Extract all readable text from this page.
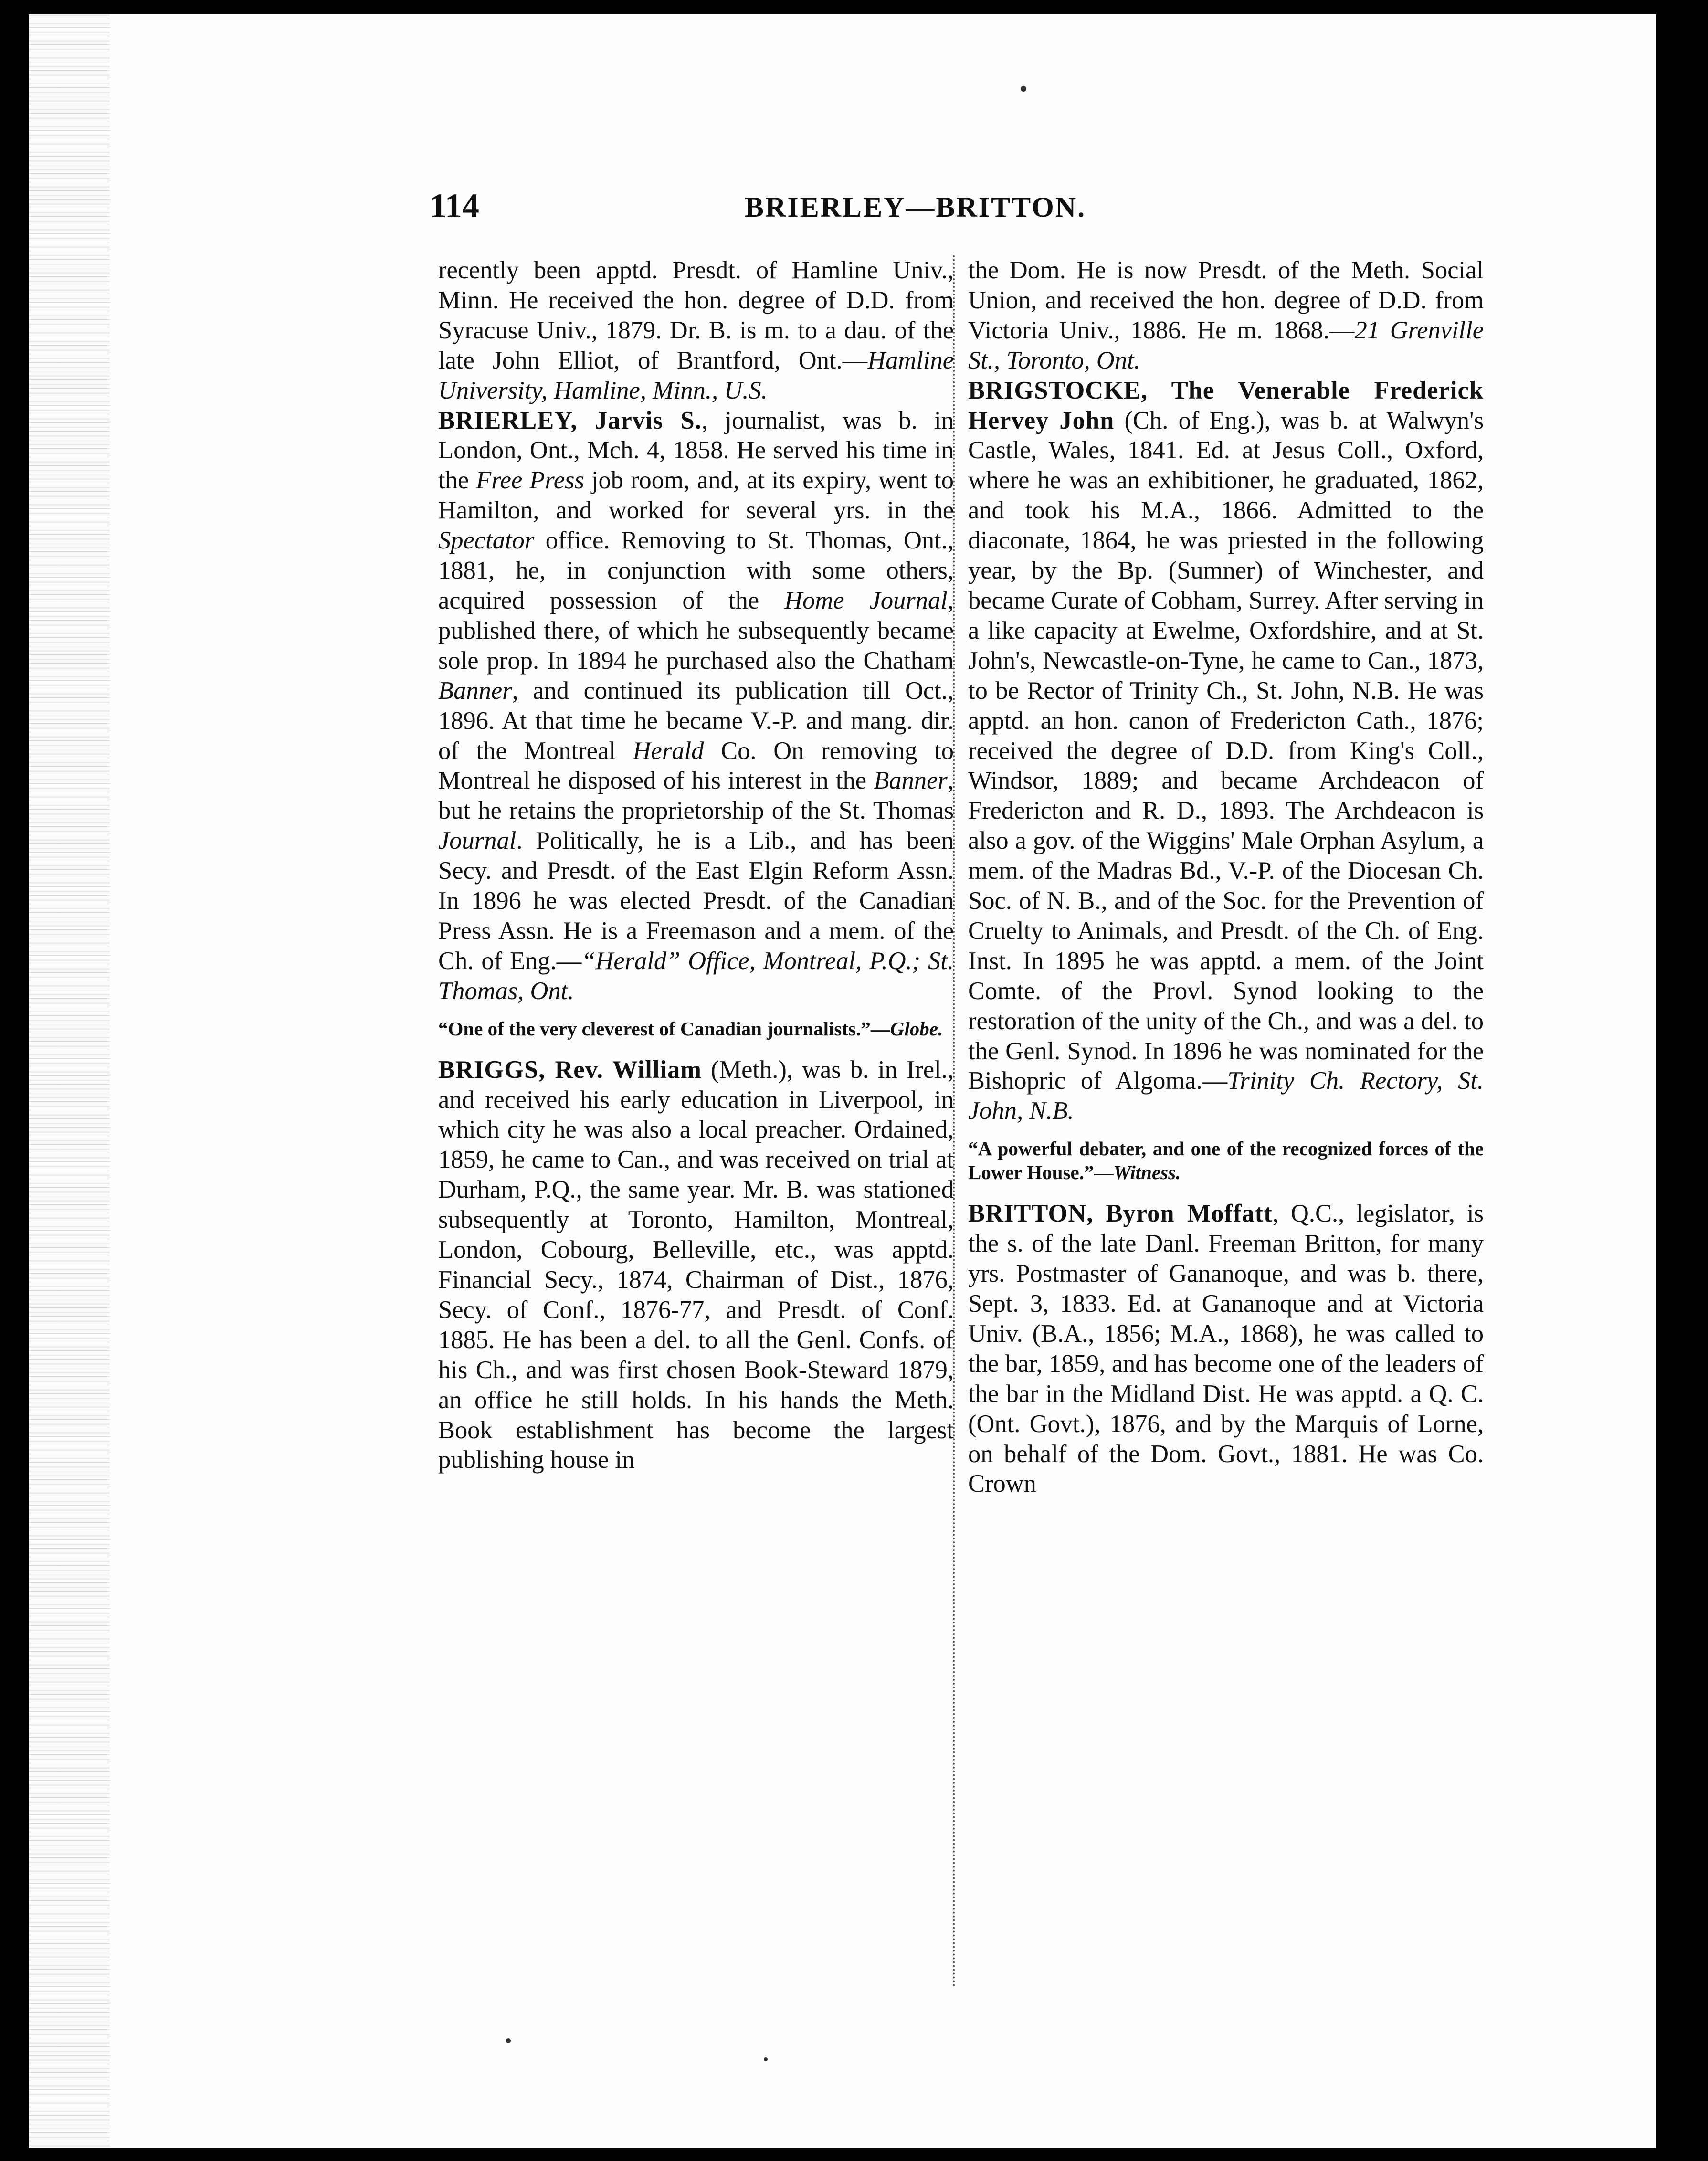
114	BRIERLEY—BRITTON.

recently been apptd. Presdt. of Hamline Univ., Minn. He received the hon. degree of D.D. from Syracuse Univ., 1879. Dr. B. is m. to a dau. of the late John Elliot, of Brantford, Ont.—Hamline University, Hamline, Minn., U.S.

BRIERLEY, Jarvis S., journalist, was b. in London, Ont., Mch. 4, 1858. He served his time in the Free Press job room, and, at its expiry, went to Hamilton, and worked for several yrs. in the Spectator office. Removing to St. Thomas, Ont., 1881, he, in conjunction with some others, acquired possession of the Home Journal, published there, of which he subsequently became sole prop. In 1894 he purchased also the Chatham Banner, and continued its publication till Oct., 1896. At that time he became V.-P. and mang. dir. of the Montreal Herald Co. On removing to Montreal he disposed of his interest in the Banner, but he retains the proprietorship of the St. Thomas Journal. Politically, he is a Lib., and has been Secy. and Presdt. of the East Elgin Reform Assn. In 1896 he was elected Presdt. of the Canadian Press Assn. He is a Freemason and a mem. of the Ch. of Eng.—“Herald” Office, Montreal, P.Q.; St. Thomas, Ont.

“One of the very cleverest of Canadian journalists.”—Globe.

BRIGGS, Rev. William (Meth.), was b. in Irel., and received his early education in Liverpool, in which city he was also a local preacher. Ordained, 1859, he came to Can., and was received on trial at Durham, P.Q., the same year. Mr. B. was stationed subsequently at Toronto, Hamilton, Montreal, London, Cobourg, Belleville, etc., was apptd. Financial Secy., 1874, Chairman of Dist., 1876, Secy. of Conf., 1876-77, and Presdt. of Conf. 1885. He has been a del. to all the Genl. Confs. of his Ch., and was first chosen Book-Steward 1879, an office he still holds. In his hands the Meth. Book establishment has become the largest publishing house in

the Dom. He is now Presdt. of the Meth. Social Union, and received the hon. degree of D.D. from Victoria Univ., 1886. He m. 1868.—21 Grenville St., Toronto, Ont.

BRIGSTOCKE, The Venerable Frederick Hervey John (Ch. of Eng.), was b. at Walwyn's Castle, Wales, 1841. Ed. at Jesus Coll., Oxford, where he was an exhibitioner, he graduated, 1862, and took his M.A., 1866. Admitted to the diaconate, 1864, he was priested in the following year, by the Bp. (Sumner) of Winchester, and became Curate of Cobham, Surrey. After serving in a like capacity at Ewelme, Oxfordshire, and at St. John's, Newcastle-on-Tyne, he came to Can., 1873, to be Rector of Trinity Ch., St. John, N.B. He was apptd. an hon. canon of Fredericton Cath., 1876; received the degree of D.D. from King's Coll., Windsor, 1889; and became Archdeacon of Fredericton and R. D., 1893. The Archdeacon is also a gov. of the Wiggins' Male Orphan Asylum, a mem. of the Madras Bd., V.-P. of the Diocesan Ch. Soc. of N. B., and of the Soc. for the Prevention of Cruelty to Animals, and Presdt. of the Ch. of Eng. Inst. In 1895 he was apptd. a mem. of the Joint Comte. of the Provl. Synod looking to the restoration of the unity of the Ch., and was a del. to the Genl. Synod. In 1896 he was nominated for the Bishopric of Algoma.—Trinity Ch. Rectory, St. John, N.B.

“A powerful debater, and one of the recognized forces of the Lower House.”—Witness.

BRITTON, Byron Moffatt, Q.C., legislator, is the s. of the late Danl. Freeman Britton, for many yrs. Postmaster of Gananoque, and was b. there, Sept. 3, 1833. Ed. at Gananoque and at Victoria Univ. (B.A., 1856; M.A., 1868), he was called to the bar, 1859, and has become one of the leaders of the bar in the Midland Dist. He was apptd. a Q. C. (Ont. Govt.), 1876, and by the Marquis of Lorne, on behalf of the Dom. Govt., 1881. He was Co. Crown
